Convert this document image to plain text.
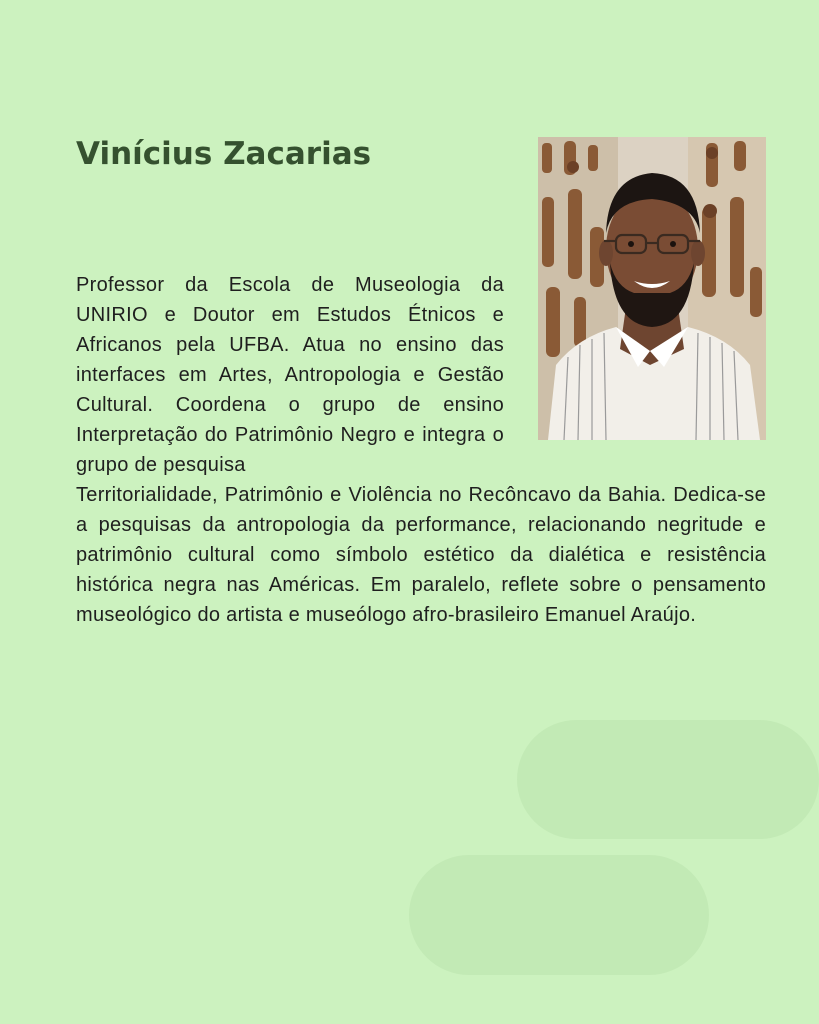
Vinícius Zacarias
Professor da Escola de Museologia da UNIRIO e Doutor em Estudos Étnicos e Africanos pela UFBA. Atua no ensino das interfaces em Artes, Antropologia e Gestão Cultural. Coordena o grupo de ensino Interpretação do Patrimônio Negro e integra o grupo de pesquisa
Territorialidade, Patrimônio e Violência no Recôncavo da Bahia. Dedica-se a pesquisas da antropologia da performance, relacionando negritude e patrimônio cultural como símbolo estético da dialética e resistência histórica negra nas Américas. Em paralelo, reflete sobre o pensamento museológico do artista e museólogo afro-brasileiro Emanuel Araújo.
